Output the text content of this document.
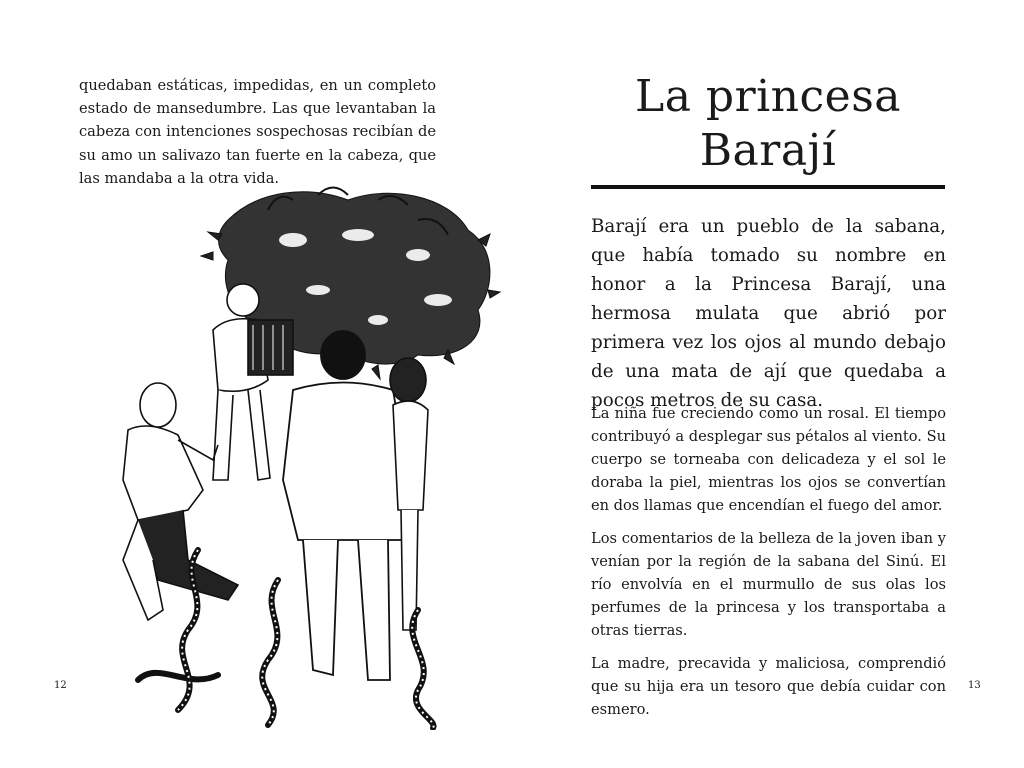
quedaban estáticas, impedidas, en un completo estado de mansedumbre. Las que levantaban la cabeza con intenciones sospechosas recibían de su amo un salivazo tan fuerte en la cabeza, que las mandaba a la otra vida.
12
La princesa
Barají
Barají era un pueblo de la sabana, que había tomado su nombre en honor a la Princesa Barají, una hermosa mulata que abrió por primera vez los ojos al mundo debajo de una mata de ají que quedaba a pocos metros de su casa.

La niña fue creciendo como un rosal. El tiempo contribuyó a desplegar sus pétalos al viento. Su cuerpo se torneaba con delicadeza y el sol le doraba la piel, mientras los ojos se convertían en dos llamas que encendían el fuego del amor.

Los comentarios de la belleza de la joven iban y venían por la región de la sabana del Sinú. El río envolvía en el murmullo de sus olas los perfumes de la princesa y los transportaba a otras tierras.

La madre, precavida y maliciosa, comprendió que su hija era un tesoro que debía cuidar con esmero.

13
